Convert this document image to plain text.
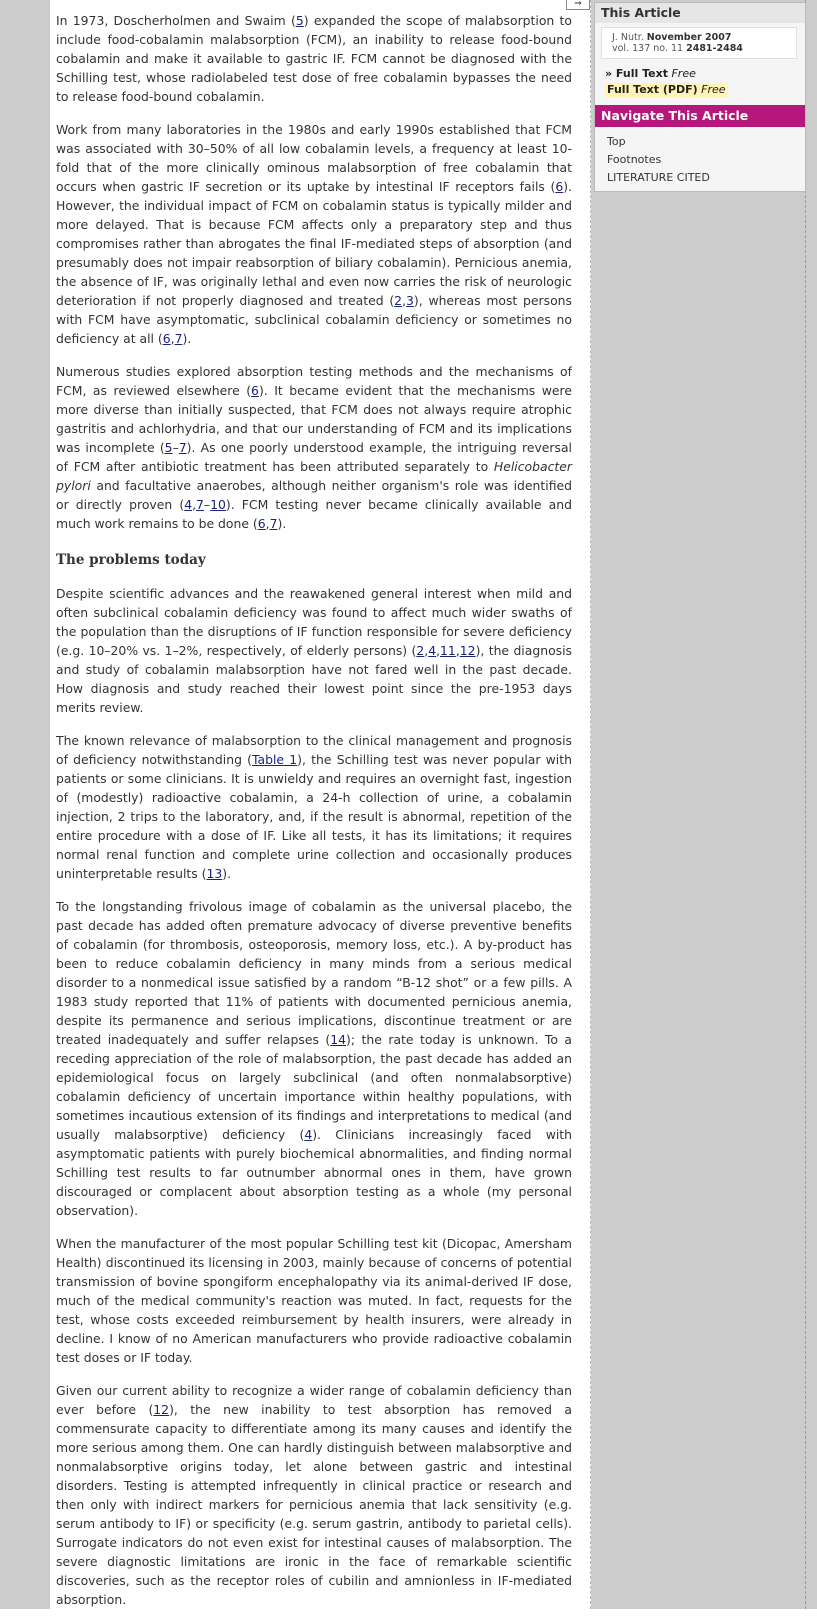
In 1973, Doscherholmen and Swaim (5) expanded the scope of malabsorption to include food-cobalamin malabsorption (FCM), an inability to release food-bound cobalamin and make it available to gastric IF. FCM cannot be diagnosed with the Schilling test, whose radiolabeled test dose of free cobalamin bypasses the need to release food-bound cobalamin.

Work from many laboratories in the 1980s and early 1990s established that FCM was associated with 30–50% of all low cobalamin levels, a frequency at least 10-fold that of the more clinically ominous malabsorption of free cobalamin that occurs when gastric IF secretion or its uptake by intestinal IF receptors fails (6). However, the individual impact of FCM on cobalamin status is typically milder and more delayed. That is because FCM affects only a preparatory step and thus compromises rather than abrogates the final IF-mediated steps of absorption (and presumably does not impair reabsorption of biliary cobalamin). Pernicious anemia, the absence of IF, was originally lethal and even now carries the risk of neurologic deterioration if not properly diagnosed and treated (2,3), whereas most persons with FCM have asymptomatic, subclinical cobalamin deficiency or sometimes no deficiency at all (6,7).

Numerous studies explored absorption testing methods and the mechanisms of FCM, as reviewed elsewhere (6). It became evident that the mechanisms were more diverse than initially suspected, that FCM does not always require atrophic gastritis and achlorhydria, and that our understanding of FCM and its implications was incomplete (5–7). As one poorly understood example, the intriguing reversal of FCM after antibiotic treatment has been attributed separately to Helicobacter pylori and facultative anaerobes, although neither organism's role was identified or directly proven (4,7–10). FCM testing never became clinically available and much work remains to be done (6,7).

The problems today

Despite scientific advances and the reawakened general interest when mild and often subclinical cobalamin deficiency was found to affect much wider swaths of the population than the disruptions of IF function responsible for severe deficiency (e.g. 10–20% vs. 1–2%, respectively, of elderly persons) (2,4,11,12), the diagnosis and study of cobalamin malabsorption have not fared well in the past decade. How diagnosis and study reached their lowest point since the pre-1953 days merits review.

The known relevance of malabsorption to the clinical management and prognosis of deficiency notwithstanding (Table 1), the Schilling test was never popular with patients or some clinicians. It is unwieldy and requires an overnight fast, ingestion of (modestly) radioactive cobalamin, a 24-h collection of urine, a cobalamin injection, 2 trips to the laboratory, and, if the result is abnormal, repetition of the entire procedure with a dose of IF. Like all tests, it has its limitations; it requires normal renal function and complete urine collection and occasionally produces uninterpretable results (13).

To the longstanding frivolous image of cobalamin as the universal placebo, the past decade has added often premature advocacy of diverse preventive benefits of cobalamin (for thrombosis, osteoporosis, memory loss, etc.). A by-product has been to reduce cobalamin deficiency in many minds from a serious medical disorder to a nonmedical issue satisfied by a random “B-12 shot” or a few pills. A 1983 study reported that 11% of patients with documented pernicious anemia, despite its permanence and serious implications, discontinue treatment or are treated inadequately and suffer relapses (14); the rate today is unknown. To a receding appreciation of the role of malabsorption, the past decade has added an epidemiological focus on largely subclinical (and often nonmalabsorptive) cobalamin deficiency of uncertain importance within healthy populations, with sometimes incautious extension of its findings and interpretations to medical (and usually malabsorptive) deficiency (4). Clinicians increasingly faced with asymptomatic patients with purely biochemical abnormalities, and finding normal Schilling test results to far outnumber abnormal ones in them, have grown discouraged or complacent about absorption testing as a whole (my personal observation).

When the manufacturer of the most popular Schilling test kit (Dicopac, Amersham Health) discontinued its licensing in 2003, mainly because of concerns of potential transmission of bovine spongiform encephalopathy via its animal-derived IF dose, much of the medical community's reaction was muted. In fact, requests for the test, whose costs exceeded reimbursement by health insurers, were already in decline. I know of no American manufacturers who provide radioactive cobalamin test doses or IF today.

Given our current ability to recognize a wider range of cobalamin deficiency than ever before (12), the new inability to test absorption has removed a commensurate capacity to differentiate among its many causes and identify the more serious among them. One can hardly distinguish between malabsorptive and nonmalabsorptive origins today, let alone between gastric and intestinal disorders. Testing is attempted infrequently in clinical practice or research and then only with indirect markers for pernicious anemia that lack sensitivity (e.g. serum antibody to IF) or specificity (e.g. serum gastrin, antibody to parietal cells). Surrogate indicators do not even exist for intestinal causes of malabsorption. The severe diagnostic limitations are ironic in the face of remarkable scientific discoveries, such as the receptor roles of cubilin and amnionless in IF-mediated absorption.

⇒
This Article
J. Nutr. November 2007
vol. 137 no. 11 2481-2484
» Full Text Free
Full Text (PDF) Free
Navigate This Article
Top
Footnotes
LITERATURE CITED
